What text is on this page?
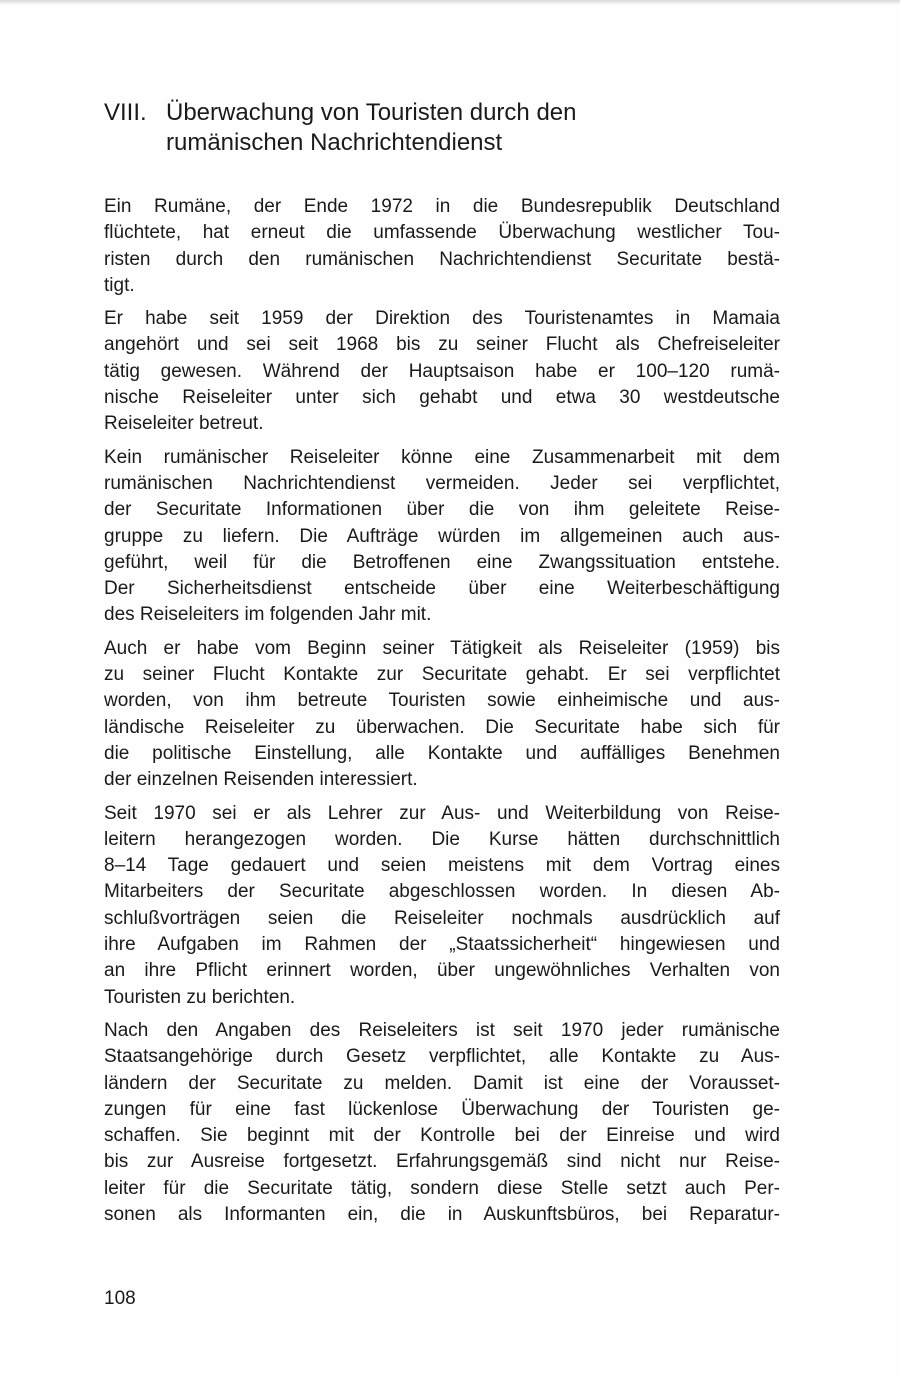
VIII. Überwachung von Touristen durch den
rumänischen Nachrichtendienst
Ein Rumäne, der Ende 1972 in die Bundesrepublik Deutschland
flüchtete, hat erneut die umfassende Überwachung westlicher Tou-
risten durch den rumänischen Nachrichtendienst Securitate bestä-
tigt.
Er habe seit 1959 der Direktion des Touristenamtes in Mamaia
angehört und sei seit 1968 bis zu seiner Flucht als Chefreiseleiter
tätig gewesen. Während der Hauptsaison habe er 100–120 rumä-
nische Reiseleiter unter sich gehabt und etwa 30 westdeutsche
Reiseleiter betreut.
Kein rumänischer Reiseleiter könne eine Zusammenarbeit mit dem
rumänischen Nachrichtendienst vermeiden. Jeder sei verpflichtet,
der Securitate Informationen über die von ihm geleitete Reise-
gruppe zu liefern. Die Aufträge würden im allgemeinen auch aus-
geführt, weil für die Betroffenen eine Zwangssituation entstehe.
Der Sicherheitsdienst entscheide über eine Weiterbeschäftigung
des Reiseleiters im folgenden Jahr mit.
Auch er habe vom Beginn seiner Tätigkeit als Reiseleiter (1959) bis
zu seiner Flucht Kontakte zur Securitate gehabt. Er sei verpflichtet
worden, von ihm betreute Touristen sowie einheimische und aus-
ländische Reiseleiter zu überwachen. Die Securitate habe sich für
die politische Einstellung, alle Kontakte und auffälliges Benehmen
der einzelnen Reisenden interessiert.
Seit 1970 sei er als Lehrer zur Aus- und Weiterbildung von Reise-
leitern herangezogen worden. Die Kurse hätten durchschnittlich
8–14 Tage gedauert und seien meistens mit dem Vortrag eines
Mitarbeiters der Securitate abgeschlossen worden. In diesen Ab-
schlußvorträgen seien die Reiseleiter nochmals ausdrücklich auf
ihre Aufgaben im Rahmen der „Staatssicherheit“ hingewiesen und
an ihre Pflicht erinnert worden, über ungewöhnliches Verhalten von
Touristen zu berichten.
Nach den Angaben des Reiseleiters ist seit 1970 jeder rumänische
Staatsangehörige durch Gesetz verpflichtet, alle Kontakte zu Aus-
ländern der Securitate zu melden. Damit ist eine der Vorausset-
zungen für eine fast lückenlose Überwachung der Touristen ge-
schaffen. Sie beginnt mit der Kontrolle bei der Einreise und wird
bis zur Ausreise fortgesetzt. Erfahrungsgemäß sind nicht nur Reise-
leiter für die Securitate tätig, sondern diese Stelle setzt auch Per-
sonen als Informanten ein, die in Auskunftsbüros, bei Reparatur-
108
